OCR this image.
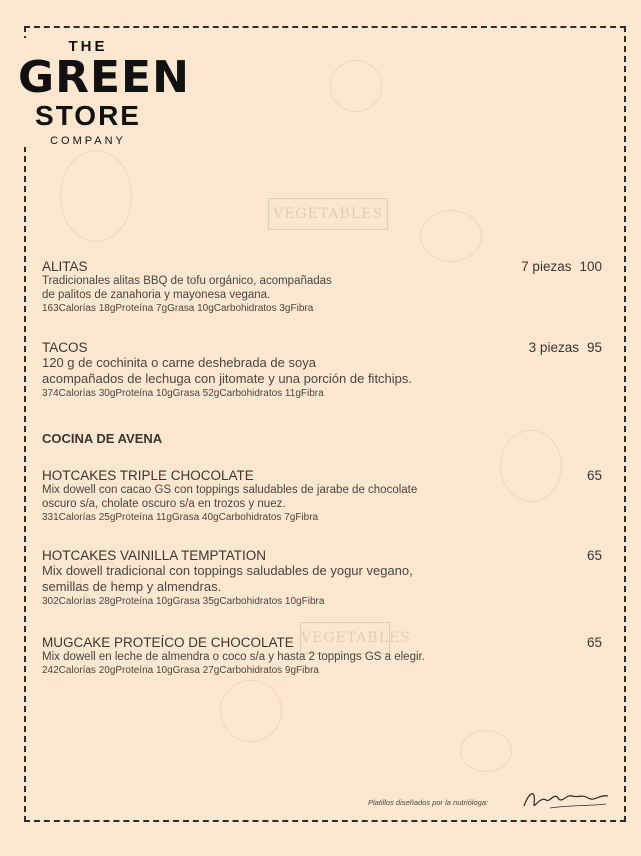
VEGETABLES
VEGETABLES
THE
GREEN
STORE
COMPANY
ALITAS	7 piezas 100
Tradicionales alitas BBQ de tofu orgánico, acompañadas
de palitos de zanahoria y mayonesa vegana.
163Calorías 18gProteína 7gGrasa 10gCarbohidratos 3gFibra
TACOS	3 piezas 95
120 g de cochinita o carne deshebrada de soya
acompañados de lechuga con jitomate y una porción de fitchips.
374Calorías 30gProteína 10gGrasa 52gCarbohidratos 11gFibra
COCINA DE AVENA
HOTCAKES TRIPLE CHOCOLATE	65
Mix dowell con cacao GS con toppings saludables de jarabe de chocolate
oscuro s/a, cholate oscuro s/a en trozos y nuez.
331Calorías 25gProteína 11gGrasa 40gCarbohidratos 7gFibra
HOTCAKES VAINILLA TEMPTATION	65
Mix dowell tradicional con toppings saludables de yogur vegano,
semillas de hemp y almendras.
302Calorías 28gProteína 10gGrasa 35gCarbohidratos 10gFibra
MUGCAKE PROTEÍCO DE CHOCOLATE	65
Mix dowell en leche de almendra o coco s/a y hasta 2 toppings GS a elegir.
242Calorías 20gProteína 10gGrasa 27gCarbohidratos 9gFibra
Platillos diseñados por la nutrióloga:
